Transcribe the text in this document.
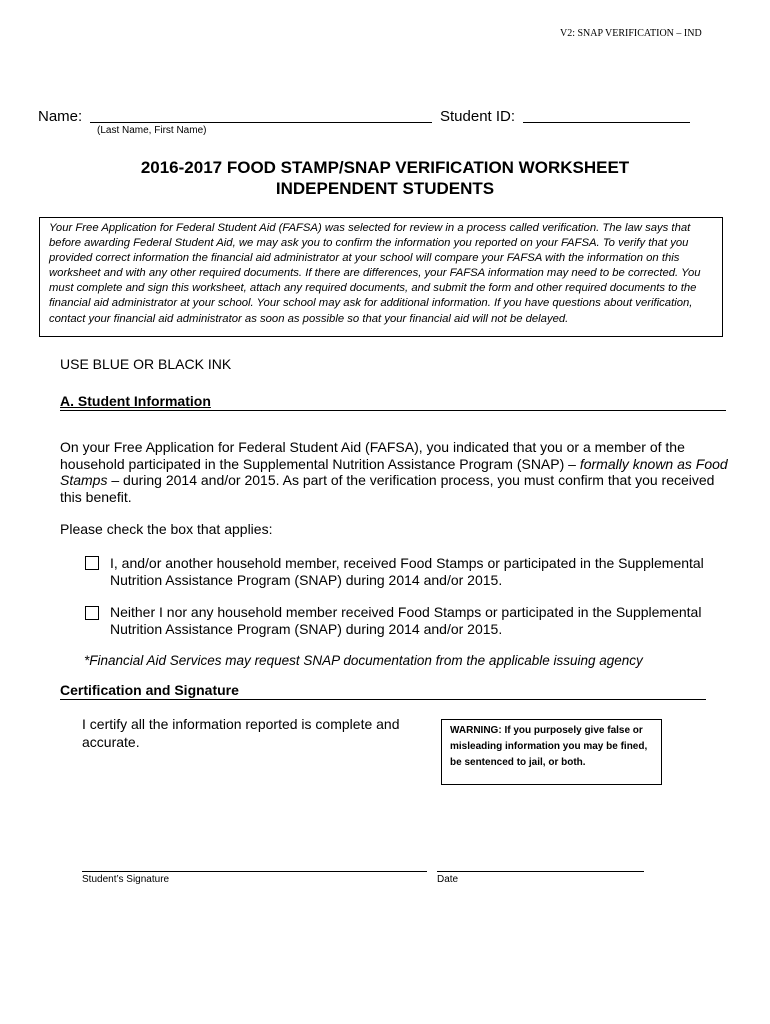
V2: SNAP VERIFICATION – IND
Name:
(Last Name, First Name)
Student ID:
2016-2017 FOOD STAMP/SNAP VERIFICATION WORKSHEET
INDEPENDENT STUDENTS
Your Free Application for Federal Student Aid (FAFSA) was selected for review in a process called verification. The law says that before awarding Federal Student Aid, we may ask you to confirm the information you reported on your FAFSA. To verify that you provided correct information the financial aid administrator at your school will compare your FAFSA with the information on this worksheet and with any other required documents. If there are differences, your FAFSA information may need to be corrected. You must complete and sign this worksheet, attach any required documents, and submit the form and other required documents to the financial aid administrator at your school. Your school may ask for additional information. If you have questions about verification, contact your financial aid administrator as soon as possible so that your financial aid will not be delayed.
USE BLUE OR BLACK INK
A. Student Information
On your Free Application for Federal Student Aid (FAFSA), you indicated that you or a member of the household participated in the Supplemental Nutrition Assistance Program (SNAP) – formally known as Food Stamps – during 2014 and/or 2015. As part of the verification process, you must confirm that you received this benefit.
Please check the box that applies:
I, and/or another household member, received Food Stamps or participated in the Supplemental Nutrition Assistance Program (SNAP) during 2014 and/or 2015.
Neither I nor any household member received Food Stamps or participated in the Supplemental Nutrition Assistance Program (SNAP) during 2014 and/or 2015.
*Financial Aid Services may request SNAP documentation from the applicable issuing agency
Certification and Signature
I certify all the information reported is complete and accurate.
WARNING: If you purposely give false or misleading information you may be fined, be sentenced to jail, or both.
Student’s Signature	Date
